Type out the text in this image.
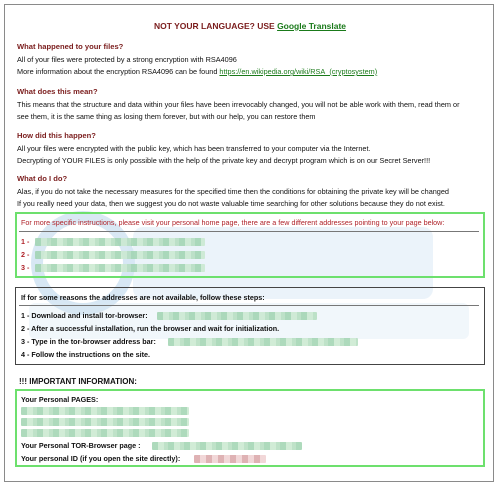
NOT YOUR LANGUAGE? USE Google Translate
What happened to your files?

All of your files were protected by a strong encryption with RSA4096

More information about the encryption RSA4096 can be found https://en.wikipedia.org/wiki/RSA_(cryptosystem)

What does this mean?

This means that the structure and data within your files have been irrevocably changed, you will not be able work with them, read them or

see them, it is the same thing as losing them forever, but with our help, you can restore them

How did this happen?

All your files were encrypted with the public key, which has been transferred to your computer via the Internet.

Decrypting of YOUR FILES is only possible with the help of the private key and decrypt program which is on our Secret Server!!!

What do I do?

Alas, if you do not take the necessary measures for the specified time then the conditions for obtaining the private key will be changed

If you really need your data, then we suggest you do not waste valuable time searching for other solutions because they do not exist.

For more specific instructions, please visit your personal home page, there are a few different addresses pointing to your page below:
1 -
2 -
3 -
If for some reasons the addresses are not available, follow these steps:
1 - Download and install tor-browser:
2 - After a successful installation, run the browser and wait for initialization.
3 - Type in the tor-browser address bar:
4 - Follow the instructions on the site.
!!! IMPORTANT INFORMATION:
Your Personal PAGES:
Your Personal TOR-Browser page :
Your personal ID (if you open the site directly):
